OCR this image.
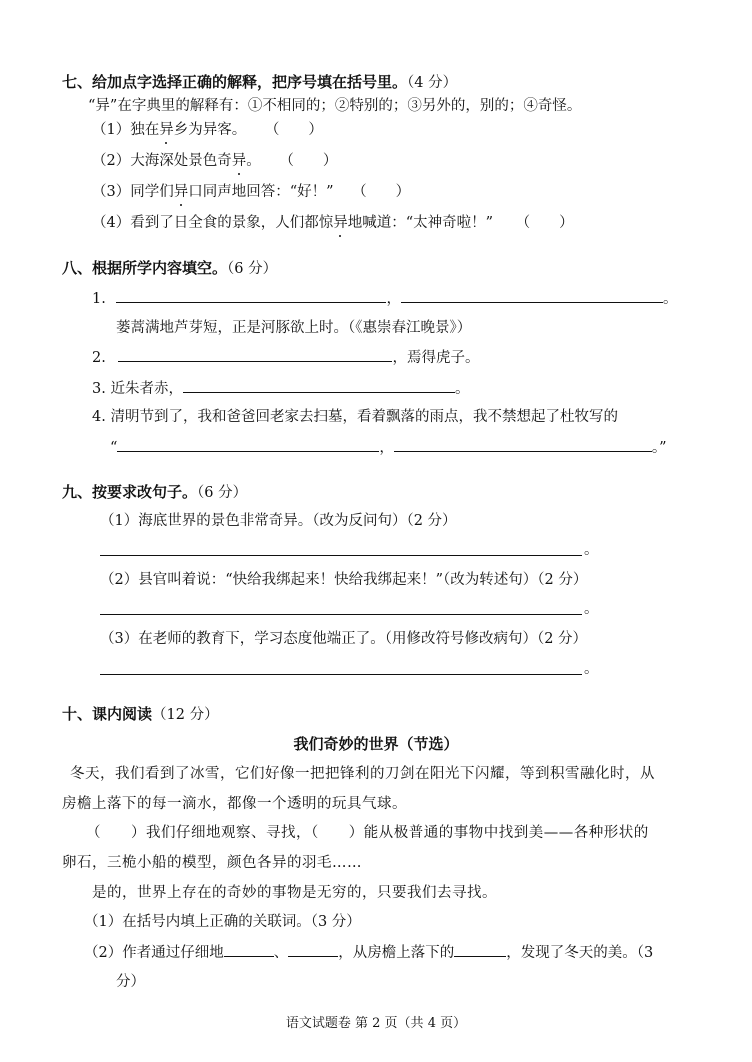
七、给加点字选择正确的解释，把序号填在括号里。（4 分）
“异”在字典里的解释有：①不相同的；②特别的；③另外的，别的；④奇怪。
（1）独在异乡为异客。 （　　）
（2）大海深处景色奇异。 （　　）
（3）同学们异口同声地回答：“好！” （　　）
（4）看到了日全食的景象，人们都惊异地喊道：“太神奇啦！” （　　）
八、根据所学内容填空。（6 分）
1.	，	。
蒌蒿满地芦芽短，正是河豚欲上时。（《惠崇春江晚景》）
2.	，焉得虎子。
3. 近朱者赤，	。
4. 清明节到了，我和爸爸回老家去扫墓，看着飘落的雨点，我不禁想起了杜牧写的
“	，	。”
九、按要求改句子。（6 分）
（1）海底世界的景色非常奇异。（改为反问句）（2 分）
。
（2）县官叫着说：“快给我绑起来！快给我绑起来！”（改为转述句）（2 分）
。
（3）在老师的教育下，学习态度他端正了。（用修改符号修改病句）（2 分）
。
十、课内阅读（12 分）
我们奇妙的世界（节选）
冬天，我们看到了冰雪，它们好像一把把锋利的刀剑在阳光下闪耀，等到积雪融化时，从
房檐上落下的每一滴水，都像一个透明的玩具气球。
（　　）我们仔细地观察、寻找，（　　）能从极普通的事物中找到美——各种形状的
卵石，三桅小船的模型，颜色各异的羽毛……
是的，世界上存在的奇妙的事物是无穷的，只要我们去寻找。
（1）在括号内填上正确的关联词。（3 分）
（2）作者通过仔细地	、	，从房檐上落下的	，发现了冬天的美。（3
分）
语文试题卷 第 2 页（共 4 页）
